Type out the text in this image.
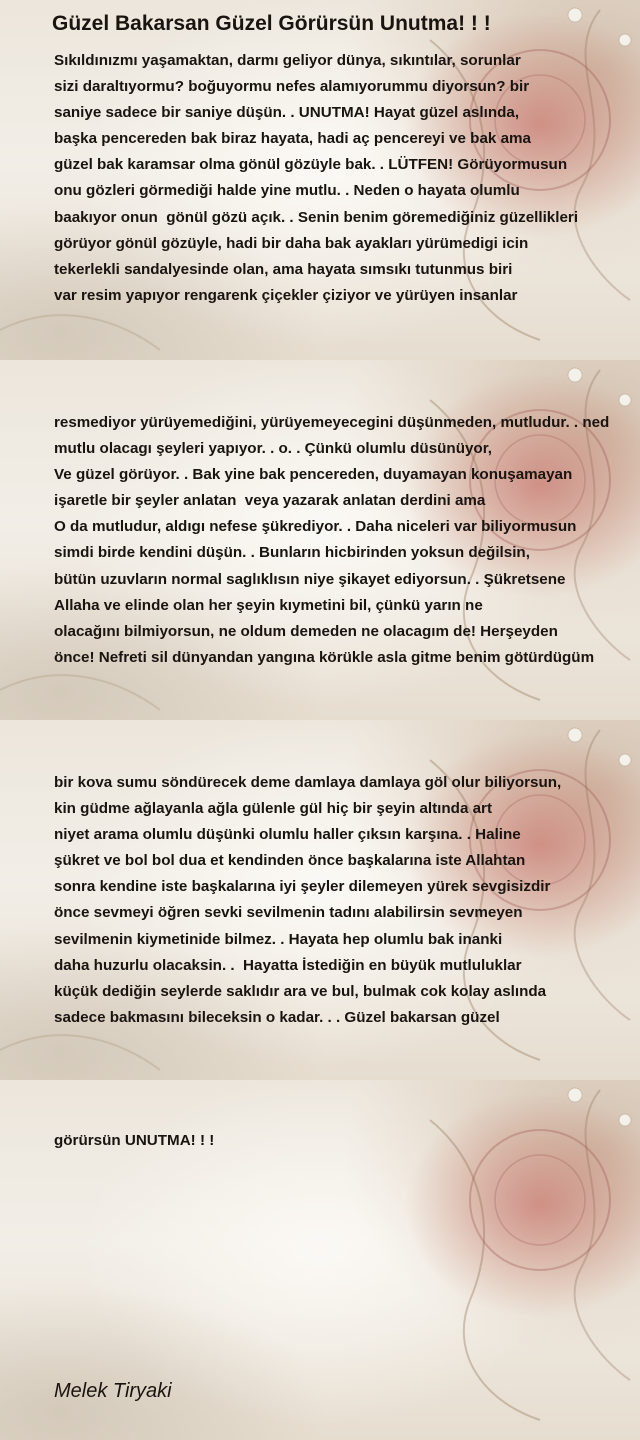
Güzel Bakarsan Güzel Görürsün Unutma! ! !
Sıkıldınızmı yaşamaktan, darmı geliyor dünya, sıkıntılar, sorunlar
sizi daraltıyormu? boğuyormu nefes alamıyorummu diyorsun? bir
saniye sadece bir saniye düşün. . UNUTMA! Hayat güzel aslında,
başka pencereden bak biraz hayata, hadi aç pencereyi ve bak ama
güzel bak karamsar olma gönül gözüyle bak. . LÜTFEN! Görüyormusun
onu gözleri görmediği halde yine mutlu. . Neden o hayata olumlu
baakıyor onun  gönül gözü açık. . Senin benim göremediğiniz güzellikleri
görüyor gönül gözüyle, hadi bir daha bak ayakları yürümedigi icin
tekerlekli sandalyesinde olan, ama hayata sımsıkı tutunmus biri
var resim yapıyor rengarenk çiçekler çiziyor ve yürüyen insanlar
resmediyor yürüyemediğini, yürüyemeyecegini düşünmeden, mutludur. . ned
mutlu olacagı şeyleri yapıyor. . o. . Çünkü olumlu düsünüyor,
Ve güzel görüyor. . Bak yine bak pencereden, duyamayan konuşamayan
işaretle bir şeyler anlatan  veya yazarak anlatan derdini ama
O da mutludur, aldıgı nefese şükrediyor. . Daha niceleri var biliyormusun
simdi birde kendini düşün. . Bunların hicbirinden yoksun değilsin,
bütün uzuvların normal saglıklısın niye şikayet ediyorsun. . Şükretsene
Allaha ve elinde olan her şeyin kıymetini bil, çünkü yarın ne
olacağını bilmiyorsun, ne oldum demeden ne olacagım de! Herşeyden
önce! Nefreti sil dünyandan yangına körükle asla gitme benim götürdügüm
bir kova sumu söndürecek deme damlaya damlaya göl olur biliyorsun,
kin güdme ağlayanla ağla gülenle gül hiç bir şeyin altında art
niyet arama olumlu düşünki olumlu haller çıksın karşına. . Haline
şükret ve bol bol dua et kendinden önce başkalarına iste Allahtan
sonra kendine iste başkalarına iyi şeyler dilemeyen yürek sevgisizdir
önce sevmeyi öğren sevki sevilmenin tadını alabilirsin sevmeyen
sevilmenin kiymetinide bilmez. . Hayata hep olumlu bak inanki
daha huzurlu olacaksin. .  Hayatta İstediğin en büyük mutluluklar
küçük dediğin seylerde saklıdır ara ve bul, bulmak cok kolay aslında
sadece bakmasını bileceksin o kadar. . . Güzel bakarsan güzel
görürsün UNUTMA! ! !
Melek Tiryaki
